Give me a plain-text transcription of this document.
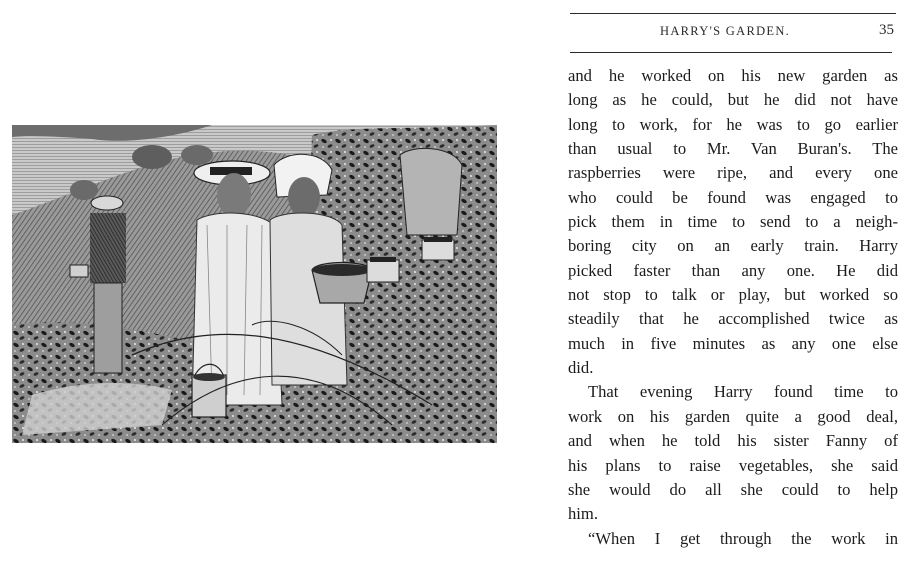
HARRY'S GARDEN.	35
and he worked on his new garden as
long as he could, but he did not have
long to work, for he was to go earlier
than usual to Mr. Van Buran's. The
raspberries were ripe, and every one
who could be found was engaged to
pick them in time to send to a neigh-
boring city on an early train. Harry
picked faster than any one. He did
not stop to talk or play, but worked so
steadily that he accomplished twice as
much in five minutes as any one else
did.
That evening Harry found time to
work on his garden quite a good deal,
and when he told his sister Fanny of
his plans to raise vegetables, she said
she would do all she could to help
him.
“When I get through the work in
